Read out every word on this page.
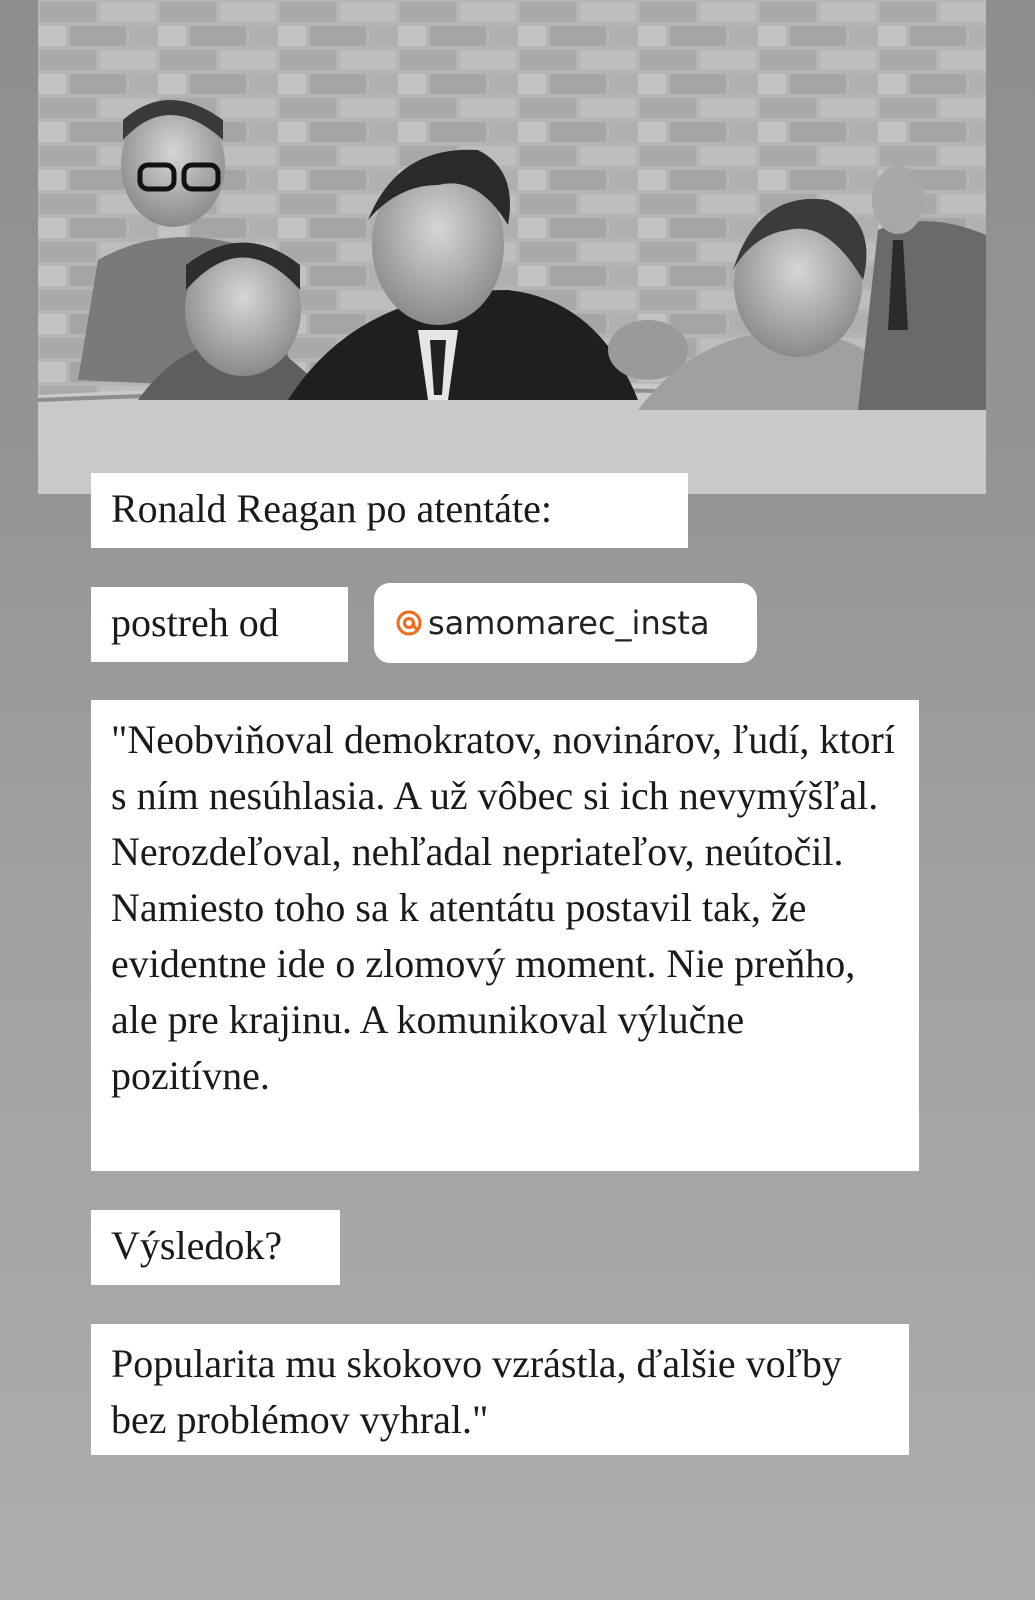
Ronald Reagan po atentáte:
postreh od	samomarec_insta
"Neobviňoval demokratov, novinárov, ľudí, ktorí s ním nesúhlasia. A už vôbec si ich nevymýšľal. Nerozdeľoval, nehľadal nepriateľov, neútočil. Namiesto toho sa k atentátu postavil tak, že evidentne ide o zlomový moment. Nie preňho, ale pre krajinu. A komunikoval výlučne pozitívne.
Výsledok?
Popularita mu skokovo vzrástla, ďalšie voľby bez problémov vyhral."
